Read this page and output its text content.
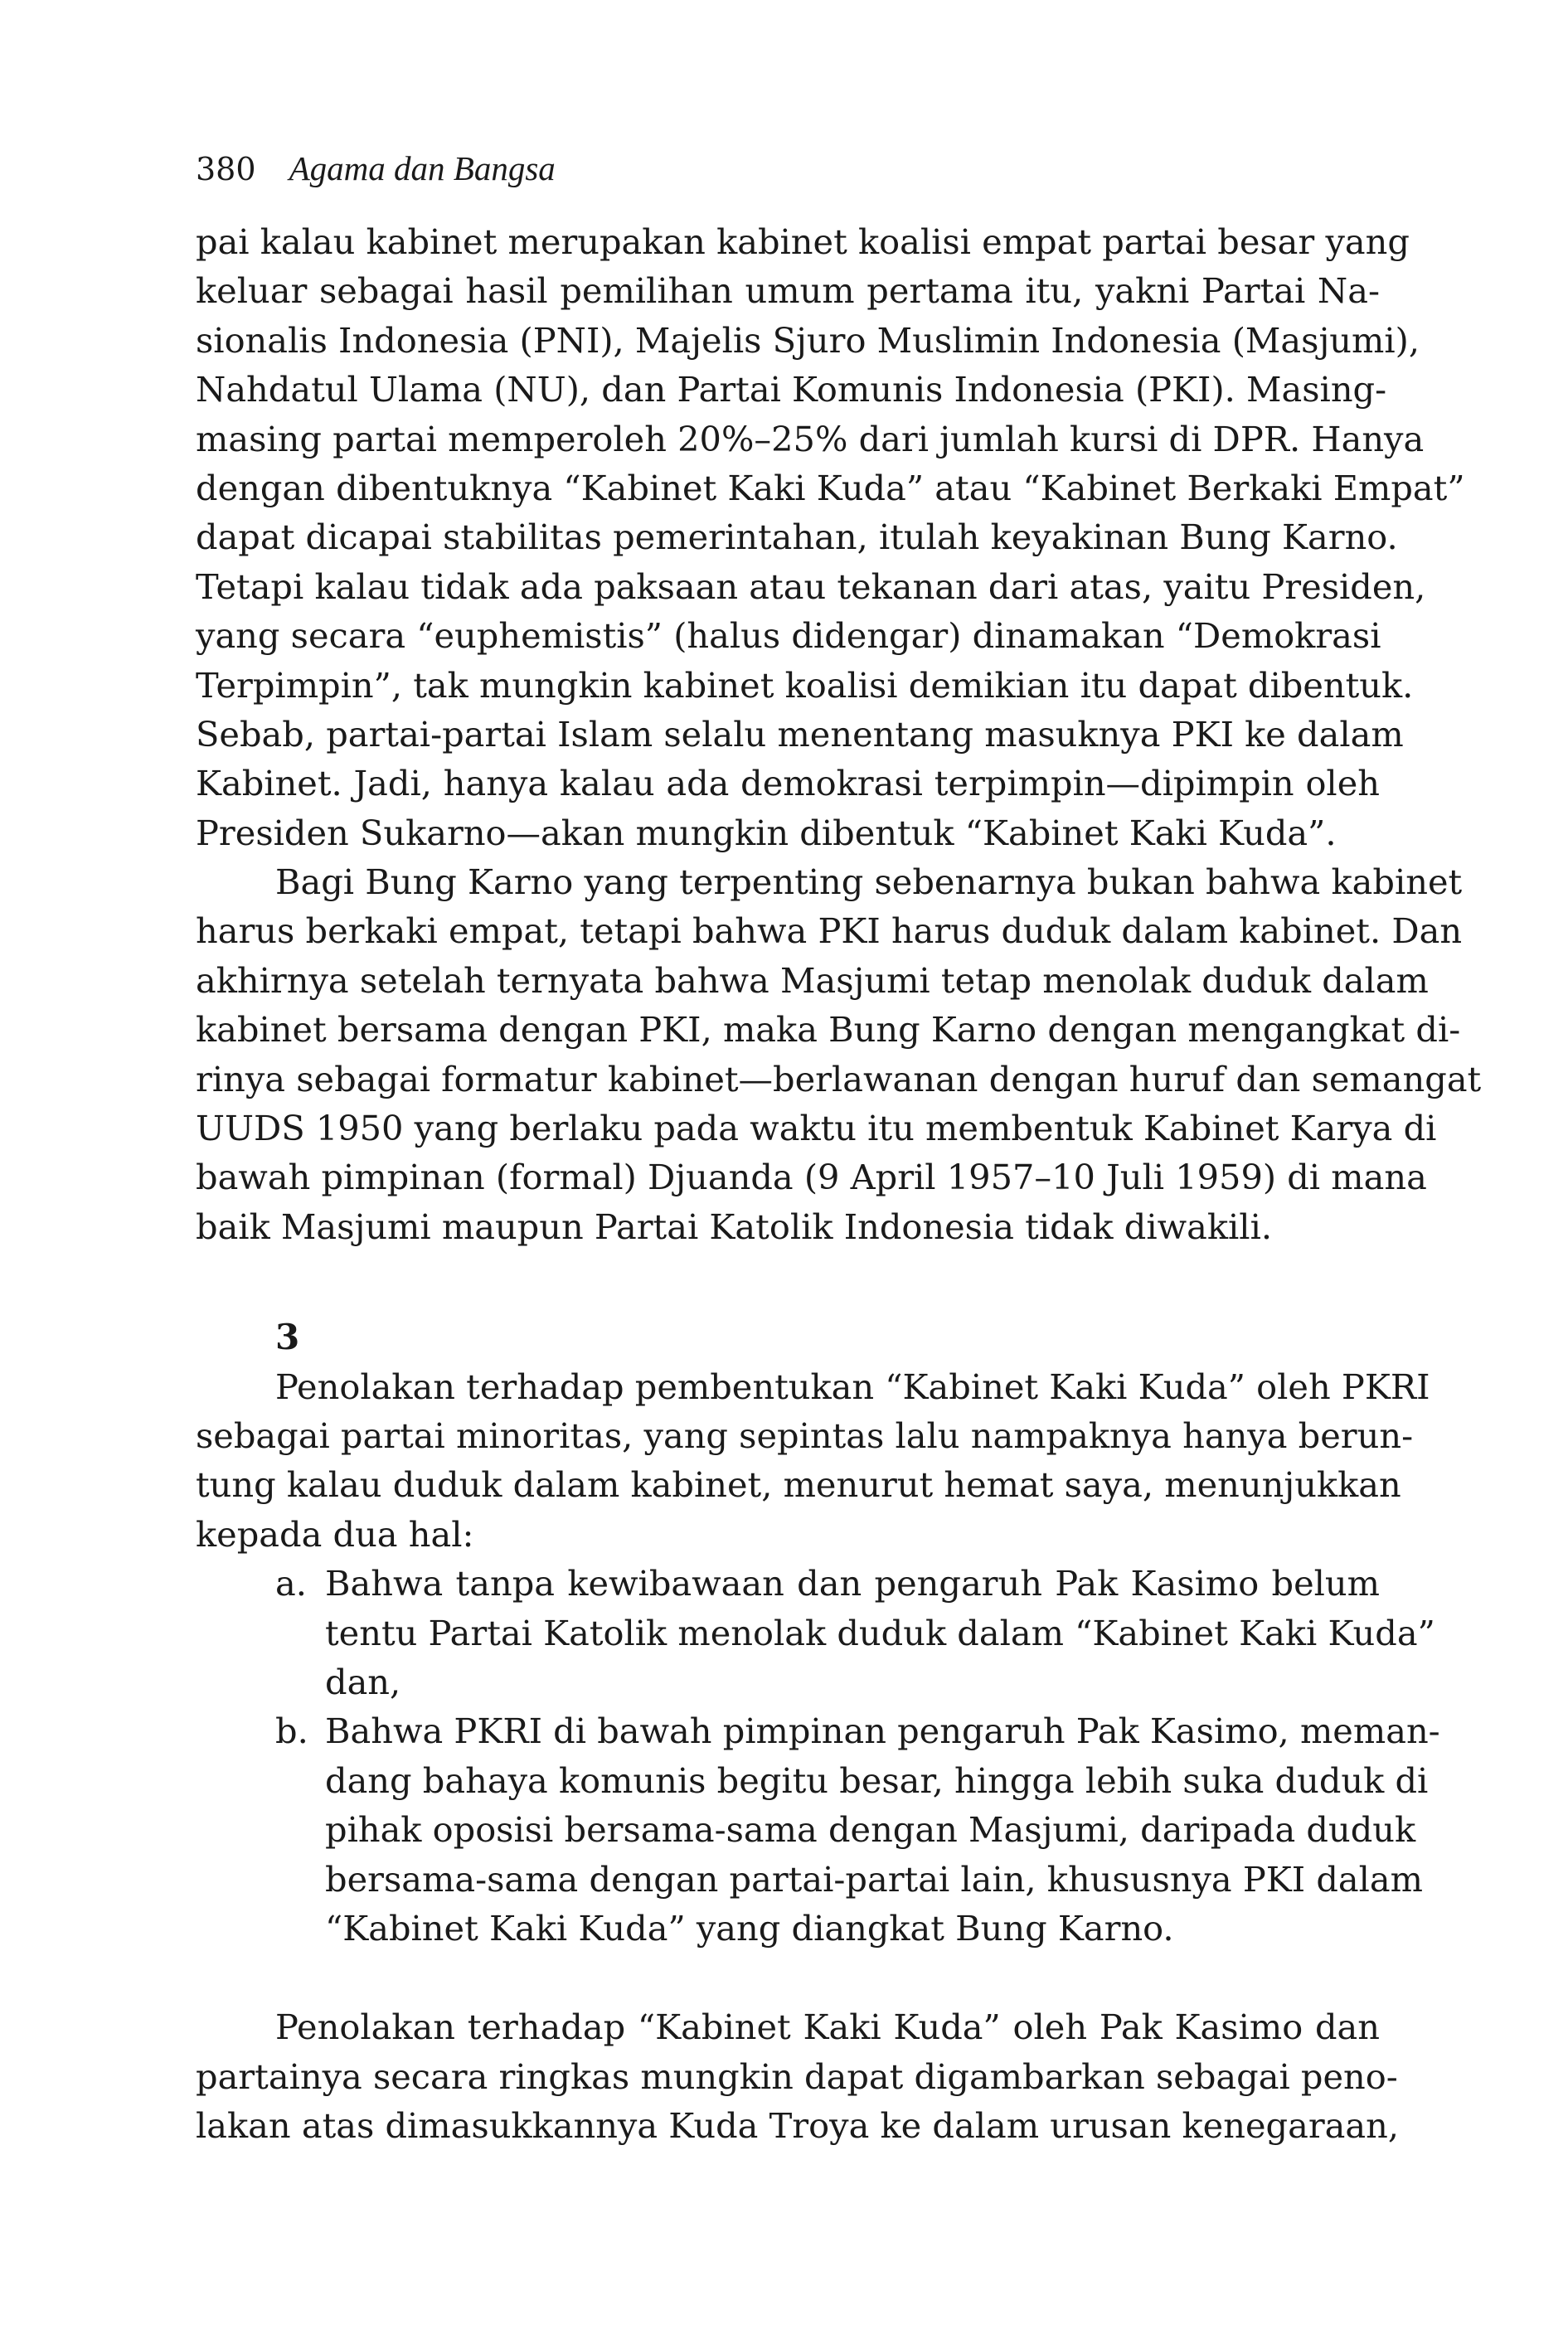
380 Agama dan Bangsa
pai kalau kabinet merupakan kabinet koalisi empat partai besar yang
keluar sebagai hasil pemilihan umum pertama itu, yakni Partai Na-
sionalis Indonesia (PNI), Majelis Sjuro Muslimin Indonesia (Masjumi),
Nahdatul Ulama (NU), dan Partai Komunis Indonesia (PKI). Masing-
masing partai memperoleh 20%–25% dari jumlah kursi di DPR. Hanya
dengan dibentuknya “Kabinet Kaki Kuda” atau “Kabinet Berkaki Empat”
dapat dicapai stabilitas pemerintahan, itulah keyakinan Bung Karno.
Tetapi kalau tidak ada paksaan atau tekanan dari atas, yaitu Presiden,
yang secara “euphemistis” (halus didengar) dinamakan “Demokrasi
Terpimpin”, tak mungkin kabinet koalisi demikian itu dapat dibentuk.
Sebab, partai-partai Islam selalu menentang masuknya PKI ke dalam
Kabinet. Jadi, hanya kalau ada demokrasi terpimpin—dipimpin oleh
Presiden Sukarno—akan mungkin dibentuk “Kabinet Kaki Kuda”.
Bagi Bung Karno yang terpenting sebenarnya bukan bahwa kabinet
harus berkaki empat, tetapi bahwa PKI harus duduk dalam kabinet. Dan
akhirnya setelah ternyata bahwa Masjumi tetap menolak duduk dalam
kabinet bersama dengan PKI, maka Bung Karno dengan mengangkat di-
rinya sebagai formatur kabinet—berlawanan dengan huruf dan semangat
UUDS 1950 yang berlaku pada waktu itu membentuk Kabinet Karya di
bawah pimpinan (formal) Djuanda (9 April 1957–10 Juli 1959) di mana
baik Masjumi maupun Partai Katolik Indonesia tidak diwakili.
3
Penolakan terhadap pembentukan “Kabinet Kaki Kuda” oleh PKRI
sebagai partai minoritas, yang sepintas lalu nampaknya hanya berun-
tung kalau duduk dalam kabinet, menurut hemat saya, menunjukkan
kepada dua hal:
a. Bahwa tanpa kewibawaan dan pengaruh Pak Kasimo belum
tentu Partai Katolik menolak duduk dalam “Kabinet Kaki Kuda”
dan,
b. Bahwa PKRI di bawah pimpinan pengaruh Pak Kasimo, meman-
dang bahaya komunis begitu besar, hingga lebih suka duduk di
pihak oposisi bersama-sama dengan Masjumi, daripada duduk
bersama-sama dengan partai-partai lain, khususnya PKI dalam
“Kabinet Kaki Kuda” yang diangkat Bung Karno.
Penolakan terhadap “Kabinet Kaki Kuda” oleh Pak Kasimo dan
partainya secara ringkas mungkin dapat digambarkan sebagai peno-
lakan atas dimasukkannya Kuda Troya ke dalam urusan kenegaraan,
